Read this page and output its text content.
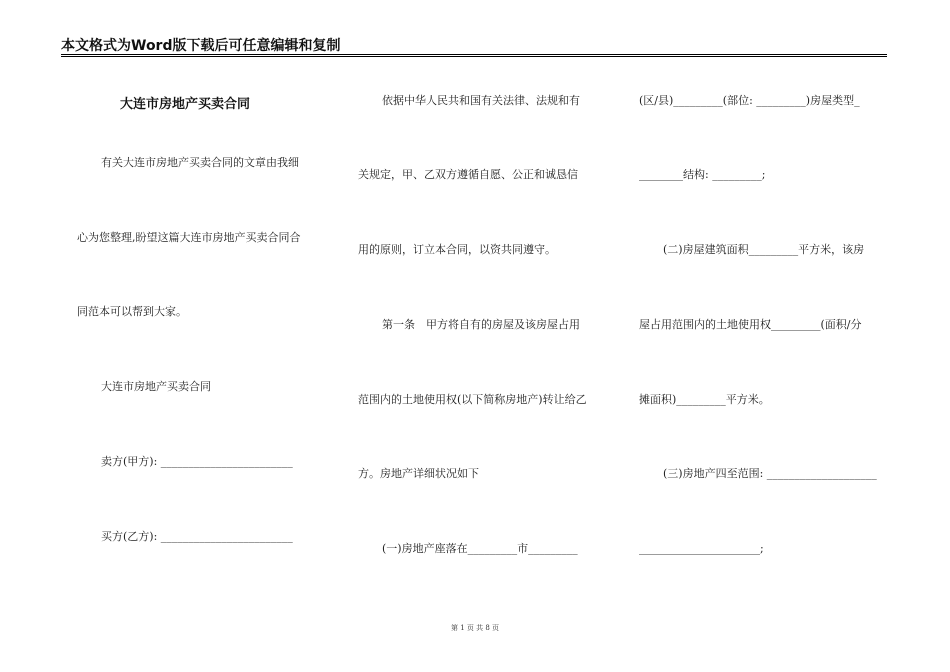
本文格式为Word版下载后可任意编辑和复制
大连市房地产买卖合同
有关大连市房地产买卖合同的文章由我细
心为您整理,盼望这篇大连市房地产买卖合同合
同范本可以帮到大家。
大连市房地产买卖合同
卖方(甲方): ________________________
买方(乙方): ________________________
依据中华人民共和国有关法律、法规和有
关规定，甲、乙双方遵循自愿、公正和诚恳信
用的原则，订立本合同，以资共同遵守。
第一条　甲方将自有的房屋及该房屋占用
范围内的土地使用权(以下简称房地产)转让给乙
方。房地产详细状况如下
(一)房地产座落在_________市_________
(区/县)_________(部位: _________)房屋类型_
________结构: _________;
(二)房屋建筑面积_________平方米，该房
屋占用范围内的土地使用权_________(面积/分
摊面积)_________平方米。
(三)房地产四至范围: ____________________
______________________;
第 1 页 共 8 页
